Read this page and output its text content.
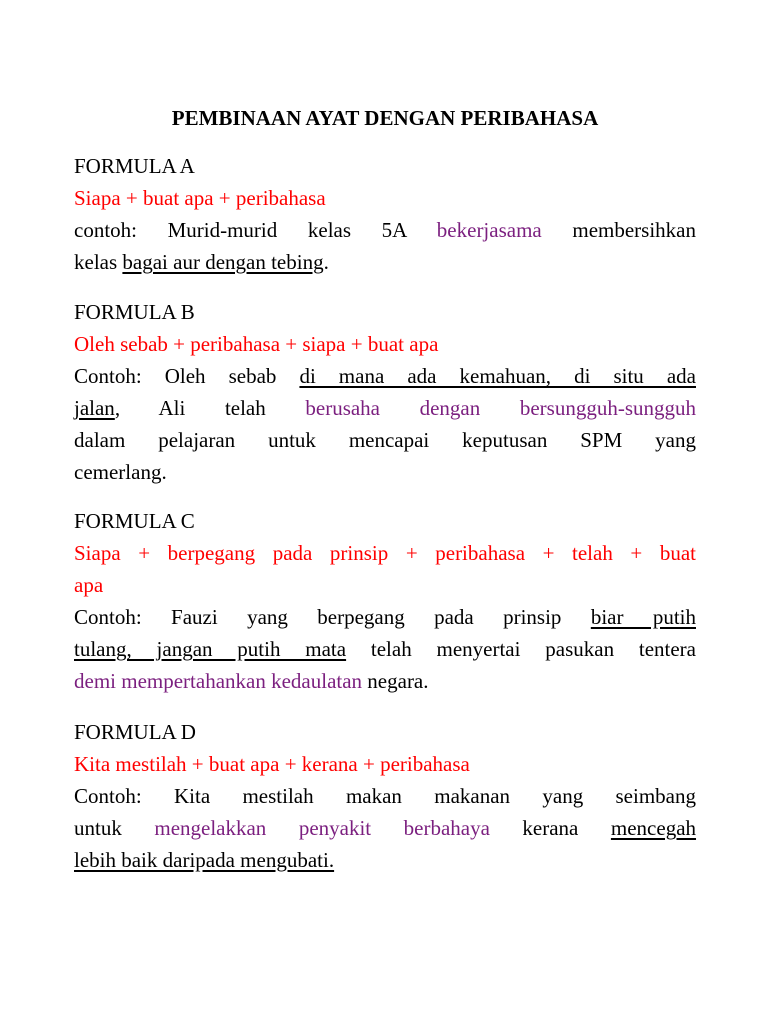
PEMBINAAN AYAT DENGAN PERIBAHASA
FORMULA A
Siapa + buat apa + peribahasa
contoh: Murid-murid kelas 5A bekerjasama membersihkan
kelas bagai aur dengan tebing.
FORMULA B
Oleh sebab + peribahasa + siapa + buat apa
Contoh: Oleh sebab di mana ada kemahuan, di situ ada
jalan, Ali telah berusaha dengan bersungguh-sungguh
dalam pelajaran untuk mencapai keputusan SPM yang
cemerlang.
FORMULA C
Siapa + berpegang pada prinsip + peribahasa + telah + buat
apa
Contoh: Fauzi yang berpegang pada prinsip biar putih
tulang, jangan putih mata telah menyertai pasukan tentera
demi mempertahankan kedaulatan negara.
FORMULA D
Kita mestilah + buat apa + kerana + peribahasa
Contoh: Kita mestilah makan makanan yang seimbang
untuk mengelakkan penyakit berbahaya kerana mencegah
lebih baik daripada mengubati.
